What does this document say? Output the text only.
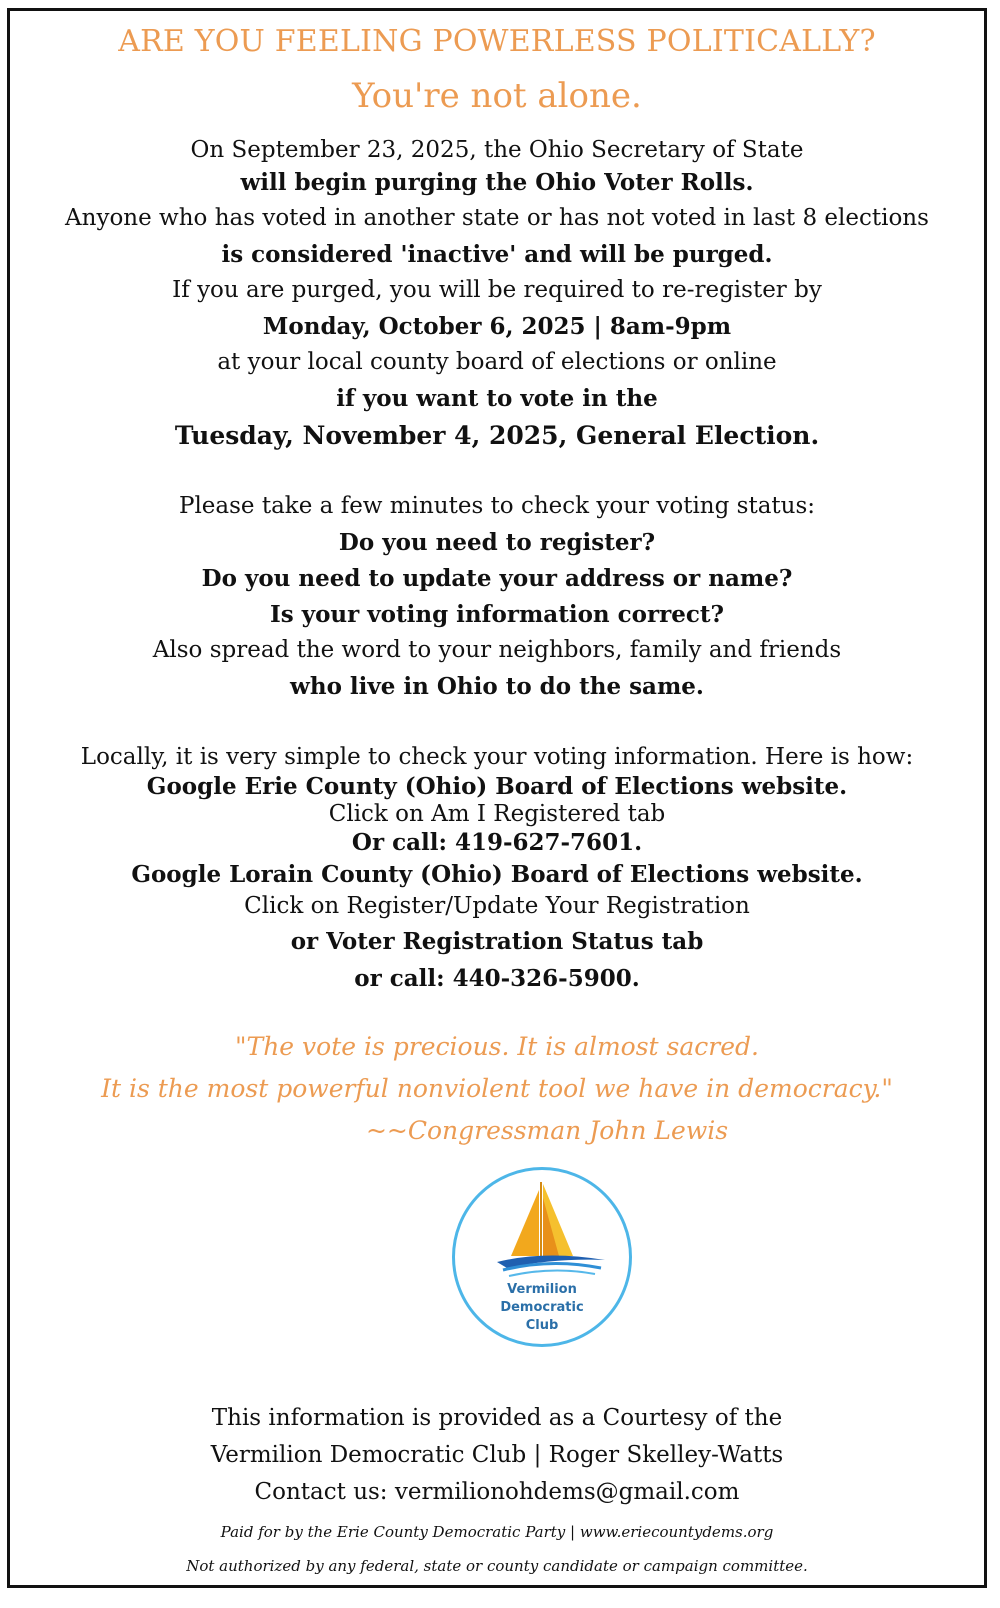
ARE YOU FEELING POWERLESS POLITICALLY?
You're not alone.
On September 23, 2025, the Ohio Secretary of State
will begin purging the Ohio Voter Rolls.
Anyone who has voted in another state or has not voted in last 8 elections
is considered 'inactive' and will be purged.
If you are purged, you will be required to re-register by
Monday, October 6, 2025 | 8am-9pm
at your local county board of elections or online
if you want to vote in the
Tuesday, November 4, 2025, General Election.
Please take a few minutes to check your voting status:
Do you need to register?
Do you need to update your address or name?
Is your voting information correct?
Also spread the word to your neighbors, family and friends
who live in Ohio to do the same.
Locally, it is very simple to check your voting information. Here is how:
Google Erie County (Ohio) Board of Elections website.
Click on Am I Registered tab
Or call: 419-627-7601.
Google Lorain County (Ohio) Board of Elections website.
Click on Register/Update Your Registration
or Voter Registration Status tab
or call: 440-326-5900.
"The vote is precious. It is almost sacred.
It is the most powerful nonviolent tool we have in democracy."
~~Congressman John Lewis
Vermilion
Democratic
Club
This information is provided as a Courtesy of the
Vermilion Democratic Club | Roger Skelley-Watts
Contact us: vermilionohdems@gmail.com
Paid for by the Erie County Democratic Party | www.eriecountydems.org
Not authorized by any federal, state or county candidate or campaign committee.
